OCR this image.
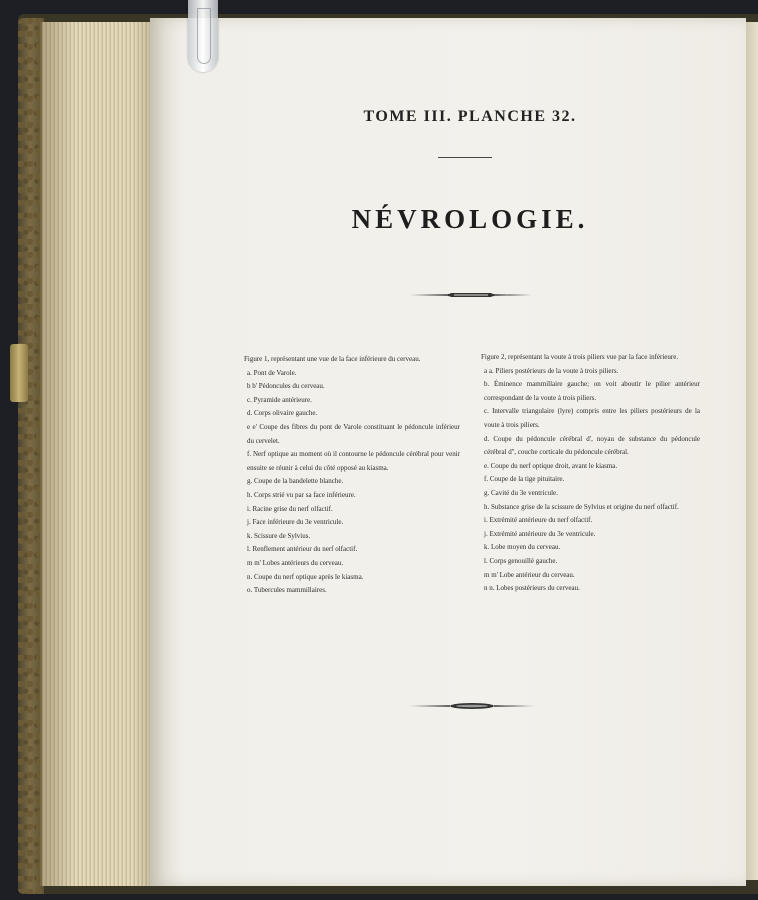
TOME III. PLANCHE 32.
NÉVROLOGIE.

Figure 1, représentant une vue de la face inférieure du cerveau.

a. Pont de Varole.

b b' Pédoncules du cerveau.

c. Pyramide antérieure.

d. Corps olivaire gauche.

e e' Coupe des fibres du pont de Varole constituant le pédoncule inférieur du cervelet.

f. Nerf optique au moment où il contourne le pédoncule cérébral pour venir ensuite se réunir à celui du côté opposé au kiasma.

g. Coupe de la bandelette blanche.

h. Corps strié vu par sa face inférieure.

i. Racine grise du nerf olfactif.

j. Face inférieure du 3e ventricule.

k. Scissure de Sylvius.

l. Renflement antérieur du nerf olfactif.

m m' Lobes antérieurs du cerveau.

n. Coupe du nerf optique après le kiasma.

o. Tubercules mammillaires.

Figure 2, représentant la voute à trois piliers vue par la face inférieure.

a a. Piliers postérieurs de la voute à trois piliers.

b. Éminence mammillaire gauche; on voit aboutir le pilier antérieur correspondant de la voute à trois piliers.

c. Intervalle triangulaire (lyre) compris entre les piliers postérieurs de la voute à trois piliers.

d. Coupe du pédoncule cérébral d', noyau de substance du pédoncule cérébral d'', couche corticale du pédoncule cérébral.

e. Coupe du nerf optique droit, avant le kiasma.

f. Coupe de la tige pituitaire.

g. Cavité du 3e ventricule.

h. Substance grise de la scissure de Sylvius et origine du nerf olfactif.

i. Extrémité antérieure du nerf olfactif.

j. Extrémité antérieure du 3e ventricule.

k. Lobe moyen du cerveau.

l. Corps genouillé gauche.

m m' Lobe antérieur du cerveau.

n n. Lobes postérieurs du cerveau.
